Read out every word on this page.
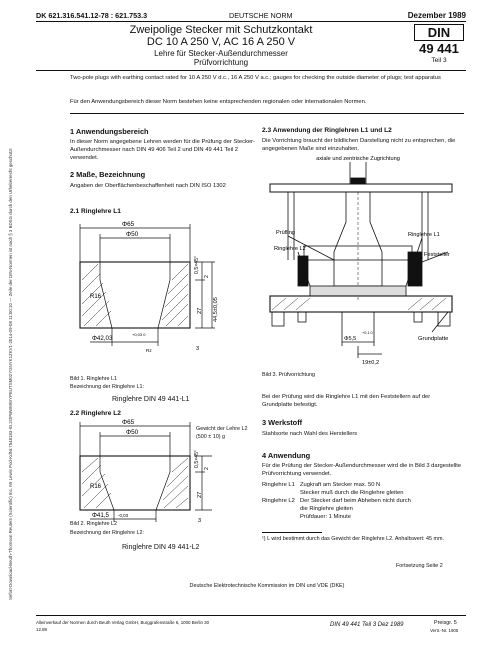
DK 621.316.541.12-78 : 621.753.3	DEUTSCHE NORM	Dezember 1989
Zweipolige Stecker mit Schutzkontakt
DC 10 A 250 V, AC 16 A 250 V
Lehre für Stecker-Außendurchmesser
Prüfvorrichtung
DIN
49 441
Teil 3
Two-pole plugs with earthing contact rated for 10 A 250 V d.c., 16 A 250 V a.c.; gauges for checking the outside diameter of plugs; test apparatus
Für den Anwendungsbereich dieser Norm bestehen keine entsprechenden regionalen oder internationalen Normen.
1 Anwendungsbereich
In dieser Norm angegebene Lehren werden für die Prüfung der Stecker-Außendurchmesser nach DIN 49 406 Teil 2 und DIN 49 441 Teil 2 verwendet.
2 Maße, Bezeichnung
Angaben der Oberflächenbeschaffenheit nach DIN ISO 1302
2.1 Ringlehre L1
Φ65
Φ50
R16
Φ42,03
+0,03 0
0,5×45°
2
27 44,5±0,05
3
Rz
Bild 1. Ringlehre L1
Bezeichnung der Ringlehre L1:
Ringlehre DIN 49 441-L1
2.2 Ringlehre L2
Gewicht der Lehre L2
(500 ± 10) g
Φ65
Φ50
R16
Φ41,5 -0,03
0,5×45°
2
27
3
Bild 2. Ringlehre L2
Bezeichnung der Ringlehre L2:
Ringlehre DIN 49 441-L2
2.3 Anwendung der Ringlehren L1 und L2
Die Vorrichtung braucht der bildlichen Darstellung nicht zu entsprechen, die angegebenen Maße sind einzuhalten.
axiale und zentrische Zugrichtung
Prüfling
Ringlehre L2
Ringlehre L1
Feststeller
Φ5,5
+0,1 0
19±0,2
Grundplatte
Bild 3. Prüfvorrichtung
Bei der Prüfung wird die Ringlehre L1 mit den Feststellern auf der Grundplatte befestigt.
3 Werkstoff
Stahlsorte nach Wahl des Herstellers
4 Anwendung
Für die Prüfung der Stecker-Außendurchmesser wird die in Bild 3 dargestellte Prüfvorrichtung verwendet.
Ringlehre L1 Zugkraft am Stecker max. 50 N
Stecker muß durch die Ringlehre gleiten
Ringlehre L2 Der Stecker darf beim Abheben nicht durch
die Ringlehre gleiten
Prüfdauer: 1 Minute
¹) L wird bestimmt durch das Gewicht der Ringlehre L2. Anhaltswert: 45 mm.
Fortsetzung Seite 2
Deutsche Elektrotechnische Kommission im DIN und VDE (DKE)
Alleinverkauf der Normen durch Beuth Verlag GmbH, Burggrafenstraße 6, 1000 Berlin 30
12.89
DIN 49 441 Teil 3 Dez 1989	Preisgr. 5
Vertr.-Nr. 1905
Sefort-Download-Beuth-Thomson Reuters (Scientific) Inc. Mr Lewis Pod-KdNr.7548183-ID.2OPBWMWYPEUTSM02YGNYK1ZKV1-2014-09-08 11:00:10 — Zeile der DIN-Normen ist nach § 3 BDSG durch den Urheberrecht geschützt
